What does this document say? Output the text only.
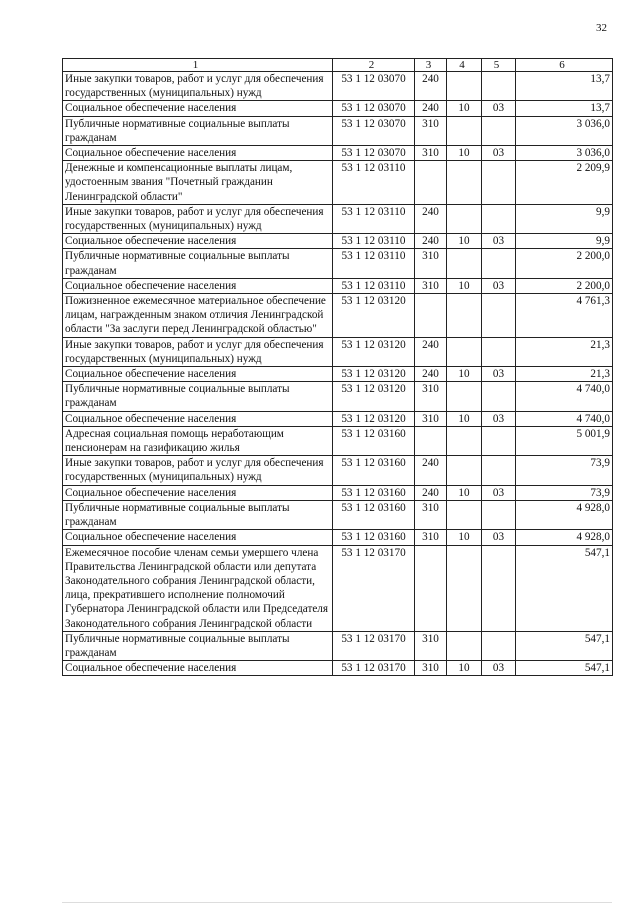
32
1	2	3	4	5	6
Иные закупки товаров, работ и услуг для обеспечения государственных (муниципальных) нужд	53 1 12 03070	240			13,7
Социальное обеспечение населения	53 1 12 03070	240	10	03	13,7
Публичные нормативные социальные выплаты гражданам	53 1 12 03070	310			3 036,0
Социальное обеспечение населения	53 1 12 03070	310	10	03	3 036,0
Денежные и компенсационные выплаты лицам, удостоенным звания "Почетный гражданин Ленинградской области"	53 1 12 03110				2 209,9
Иные закупки товаров, работ и услуг для обеспечения государственных (муниципальных) нужд	53 1 12 03110	240			9,9
Социальное обеспечение населения	53 1 12 03110	240	10	03	9,9
Публичные нормативные социальные выплаты гражданам	53 1 12 03110	310			2 200,0
Социальное обеспечение населения	53 1 12 03110	310	10	03	2 200,0
Пожизненное ежемесячное материальное обеспечение лицам, награжденным знаком отличия Ленинградской области "За заслуги перед Ленинградской областью"	53 1 12 03120				4 761,3
Иные закупки товаров, работ и услуг для обеспечения государственных (муниципальных) нужд	53 1 12 03120	240			21,3
Социальное обеспечение населения	53 1 12 03120	240	10	03	21,3
Публичные нормативные социальные выплаты гражданам	53 1 12 03120	310			4 740,0
Социальное обеспечение населения	53 1 12 03120	310	10	03	4 740,0
Адресная социальная помощь неработающим пенсионерам на газификацию жилья	53 1 12 03160				5 001,9
Иные закупки товаров, работ и услуг для обеспечения государственных (муниципальных) нужд	53 1 12 03160	240			73,9
Социальное обеспечение населения	53 1 12 03160	240	10	03	73,9
Публичные нормативные социальные выплаты гражданам	53 1 12 03160	310			4 928,0
Социальное обеспечение населения	53 1 12 03160	310	10	03	4 928,0
Ежемесячное пособие членам семьи умершего члена Правительства Ленинградской области или депутата Законодательного собрания Ленинградской области, лица, прекратившего исполнение полномочий Губернатора Ленинградской области или Председателя Законодательного собрания Ленинградской области	53 1 12 03170				547,1
Публичные нормативные социальные выплаты гражданам	53 1 12 03170	310			547,1
Социальное обеспечение населения	53 1 12 03170	310	10	03	547,1
